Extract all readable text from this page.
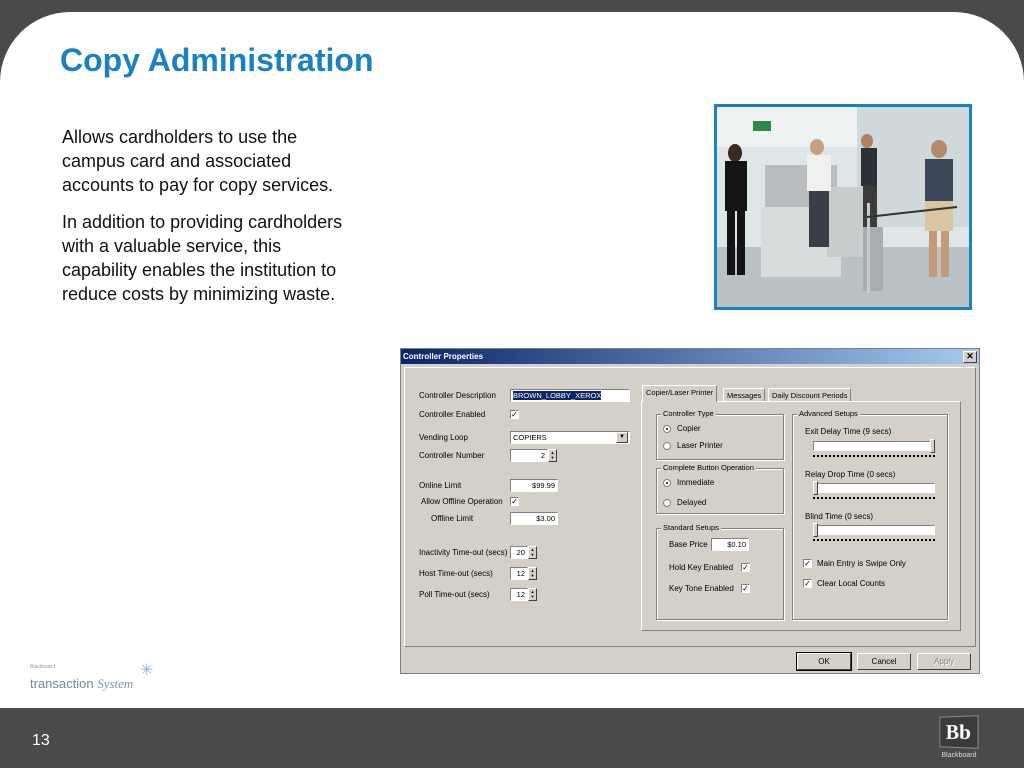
Copy Administration

Allows cardholders to use the campus card and associated accounts to pay for copy services.

In addition to providing cardholders with a valuable service, this capability enables the institution to reduce costs by minimizing waste.

Blackboard
transaction System
✳
Controller Properties	✕
Controller Description	BROWN_LOBBY_XEROX
Controller Enabled	✓
Vending Loop	COPIERS	▼
Controller Number	2	▲
▼
Online Limit	$99.99
Allow Offline Operation ✓
Offline Limit	$3.00
Inactivity Time-out (secs)	20	▲
▼
Host Time-out (secs)	12	▲
▼
Poll Time-out (secs)	12	▲
▼
Copier/Laser Printer	Messages	Daily Discount Periods
Controller Type
Copier
Laser Printer
Complete Button Operation
Immediate
Delayed
Standard Setups
Base Price	$0.10
Hold Key Enabled ✓
Key Tone Enabled ✓
Advanced Setups
Exit Delay Time (9 secs)
Relay Drop Time (0 secs)
Blind Time (0 secs)
✓ Main Entry is Swipe Only
✓ Clear Local Counts
OK	Cancel	Apply
13	Bb
Blackboard
